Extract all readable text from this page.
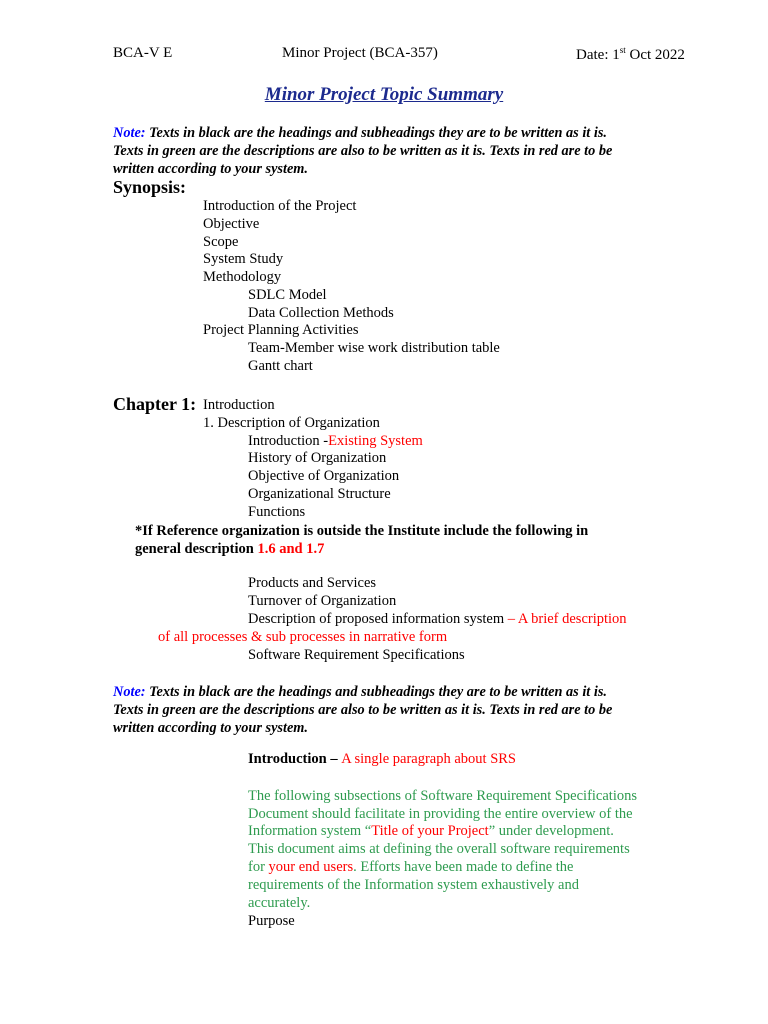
BCA-V E	Minor Project (BCA-357)	Date: 1st Oct 2022
Minor Project Topic Summary
Note: Texts in black are the headings and subheadings they are to be written as it is.
Texts in green are the descriptions are also to be written as it is. Texts in red are to be
written according to your system.
Synopsis:
Introduction of the Project
Objective
Scope
System Study
Methodology
SDLC Model
Data Collection Methods
Project Planning Activities
Team-Member wise work distribution table
Gantt chart
Chapter 1: Introduction
1. Description of Organization
Introduction -Existing System
History of Organization
Objective of Organization
Organizational Structure
Functions
*If Reference organization is outside the Institute include the following in
general description 1.6 and 1.7
Products and Services
Turnover of Organization
Description of proposed information system – A brief description
of all processes & sub processes in narrative form
Software Requirement Specifications
Note: Texts in black are the headings and subheadings they are to be written as it is.
Texts in green are the descriptions are also to be written as it is. Texts in red are to be
written according to your system.
Introduction – A single paragraph about SRS
The following subsections of Software Requirement Specifications
Document should facilitate in providing the entire overview of the
Information system “Title of your Project” under development.
This document aims at defining the overall software requirements
for your end users. Efforts have been made to define the
requirements of the Information system exhaustively and
accurately.
Purpose
